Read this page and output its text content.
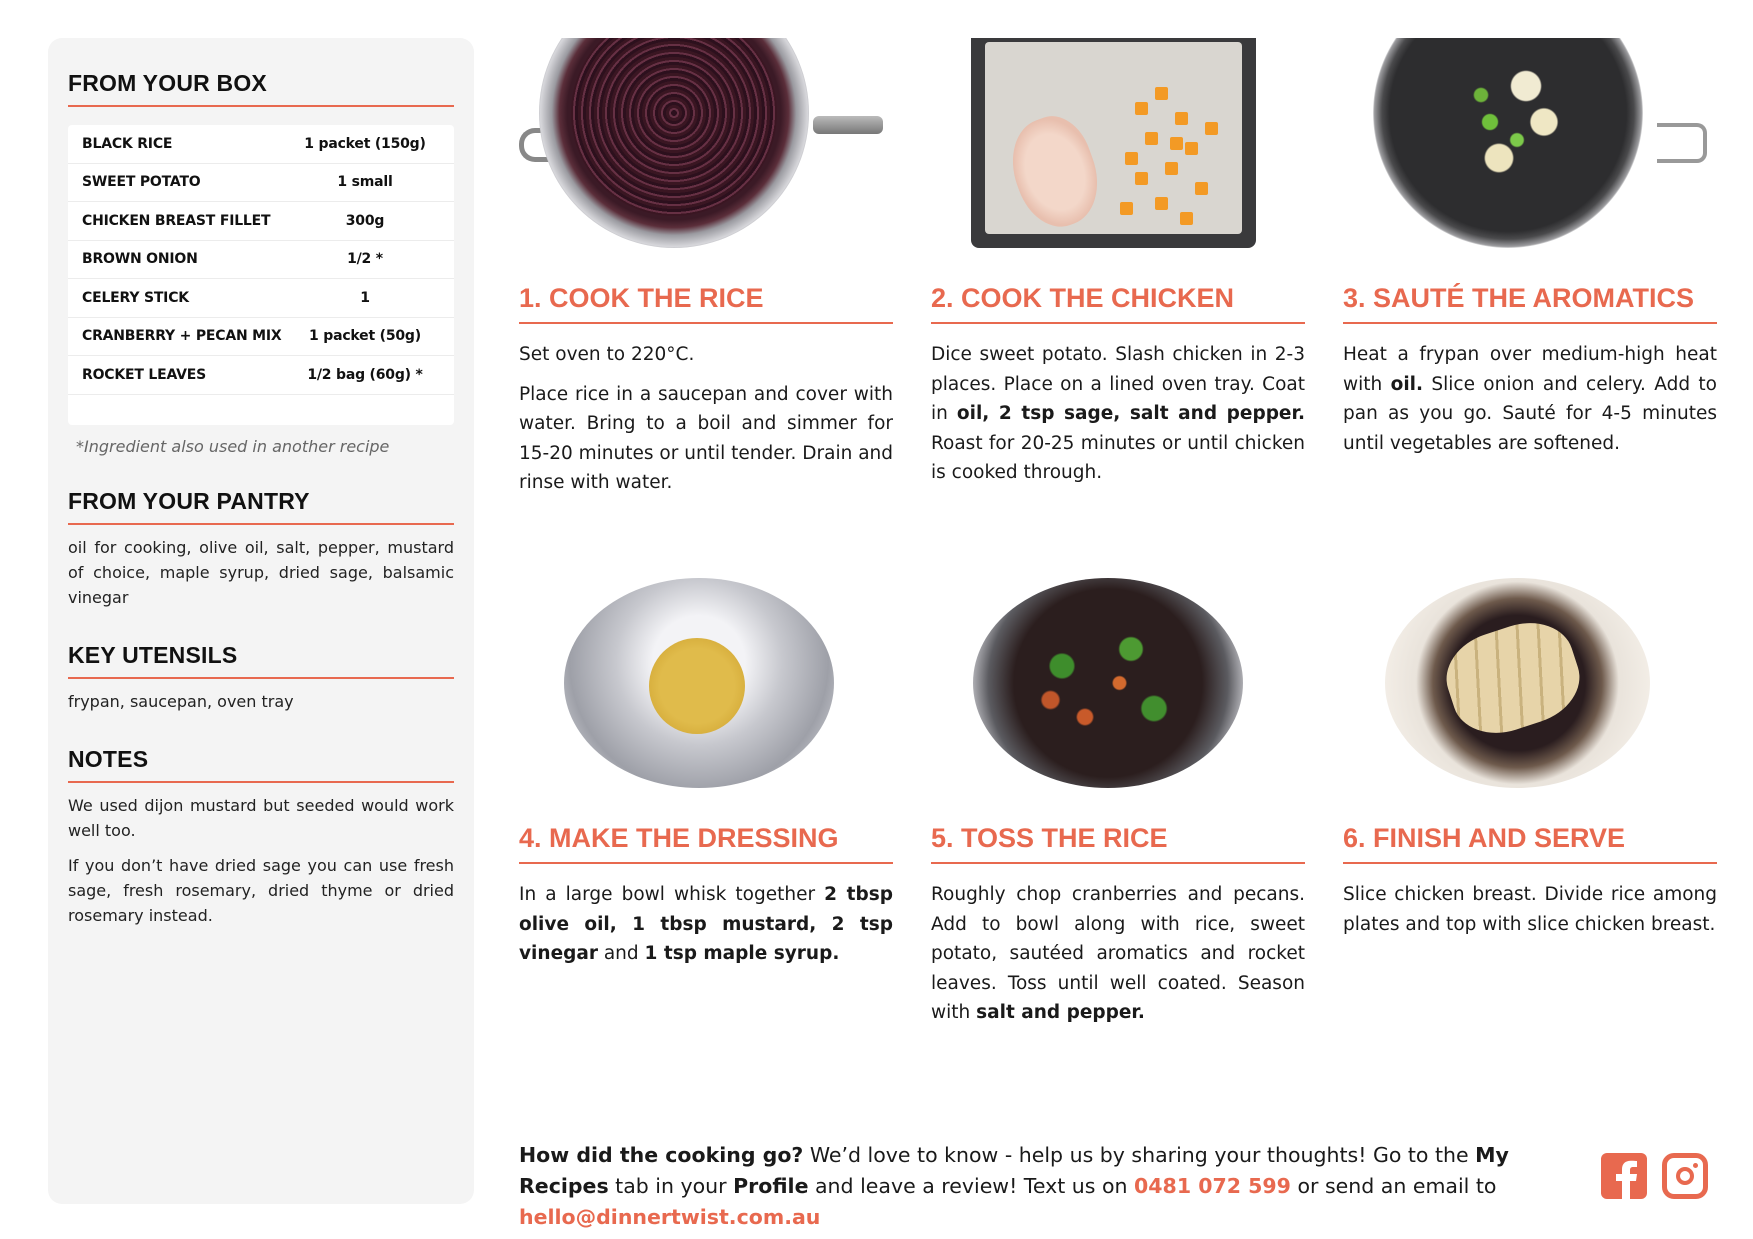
FROM YOUR BOX
BLACK RICE	1 packet (150g)
SWEET POTATO	1 small
CHICKEN BREAST FILLET	300g
BROWN ONION	1/2 *
CELERY STICK	1
CRANBERRY + PECAN MIX	1 packet (50g)
ROCKET LEAVES	1/2 bag (60g) *
*Ingredient also used in another recipe
FROM YOUR PANTRY
oil for cooking, olive oil, salt, pepper, mustard of choice, maple syrup, dried sage, balsamic vinegar
KEY UTENSILS
frypan, saucepan, oven tray
NOTES
We used dijon mustard but seeded would work well too.
If you don’t have dried sage you can use fresh sage, fresh rosemary, dried thyme or dried rosemary instead.
1. COOK THE RICE

Set oven to 220°C.

Place rice in a saucepan and cover with water. Bring to a boil and simmer for 15-20 minutes or until tender. Drain and rinse with water.

2. COOK THE CHICKEN

Dice sweet potato. Slash chicken in 2-3 places. Place on a lined oven tray. Coat in oil, 2 tsp sage, salt and pepper. Roast for 20-25 minutes or until chicken is cooked through.

3. SAUTÉ THE AROMATICS

Heat a frypan over medium-high heat with oil. Slice onion and celery. Add to pan as you go. Sauté for 4-5 minutes until vegetables are softened.

4. MAKE THE DRESSING

In a large bowl whisk together 2 tbsp olive oil, 1 tbsp mustard, 2 tsp vinegar and 1 tsp maple syrup.

5. TOSS THE RICE

Roughly chop cranberries and pecans. Add to bowl along with rice, sweet potato, sautéed aromatics and rocket leaves. Toss until well coated. Season with salt and pepper.

6. FINISH AND SERVE

Slice chicken breast. Divide rice among plates and top with slice chicken breast.

How did the cooking go? We’d love to know - help us by sharing your thoughts! Go to the My Recipes tab in your Profile and leave a review! Text us on 0481 072 599 or send an email to hello@dinnertwist.com.au
